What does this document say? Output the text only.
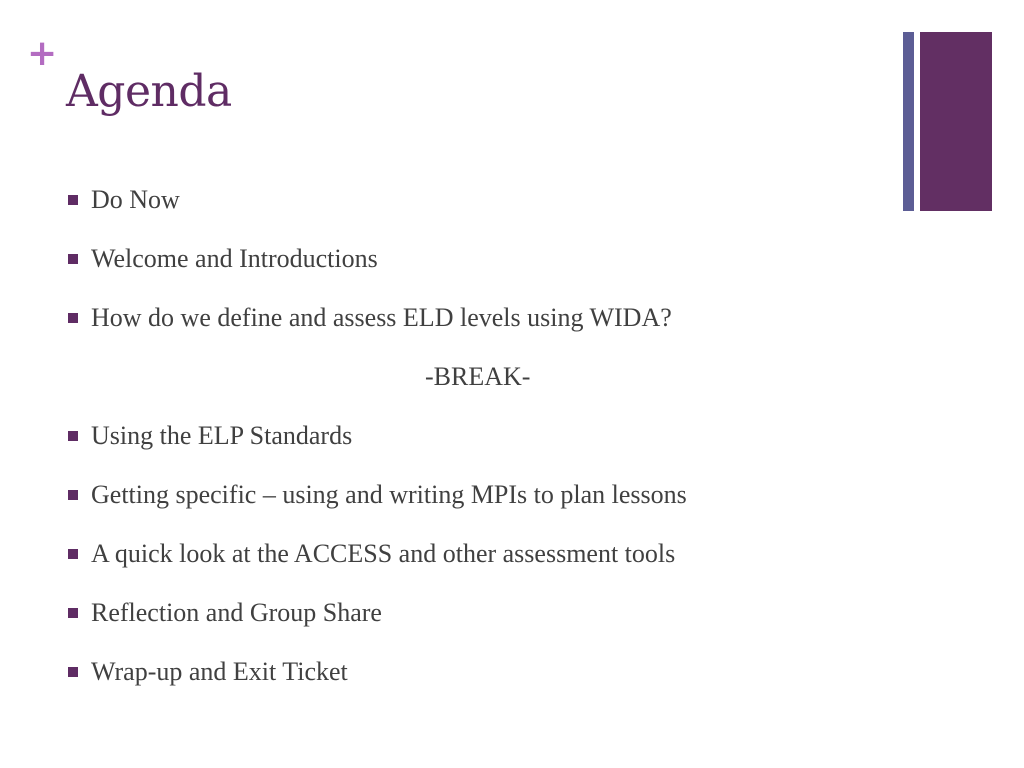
+
Agenda
Do Now
Welcome and Introductions
How do we define and assess ELD levels using WIDA?
-BREAK-
Using the ELP Standards
Getting specific – using and writing MPIs to plan lessons
A quick look at the ACCESS and other assessment tools
Reflection and Group Share
Wrap-up and Exit Ticket
